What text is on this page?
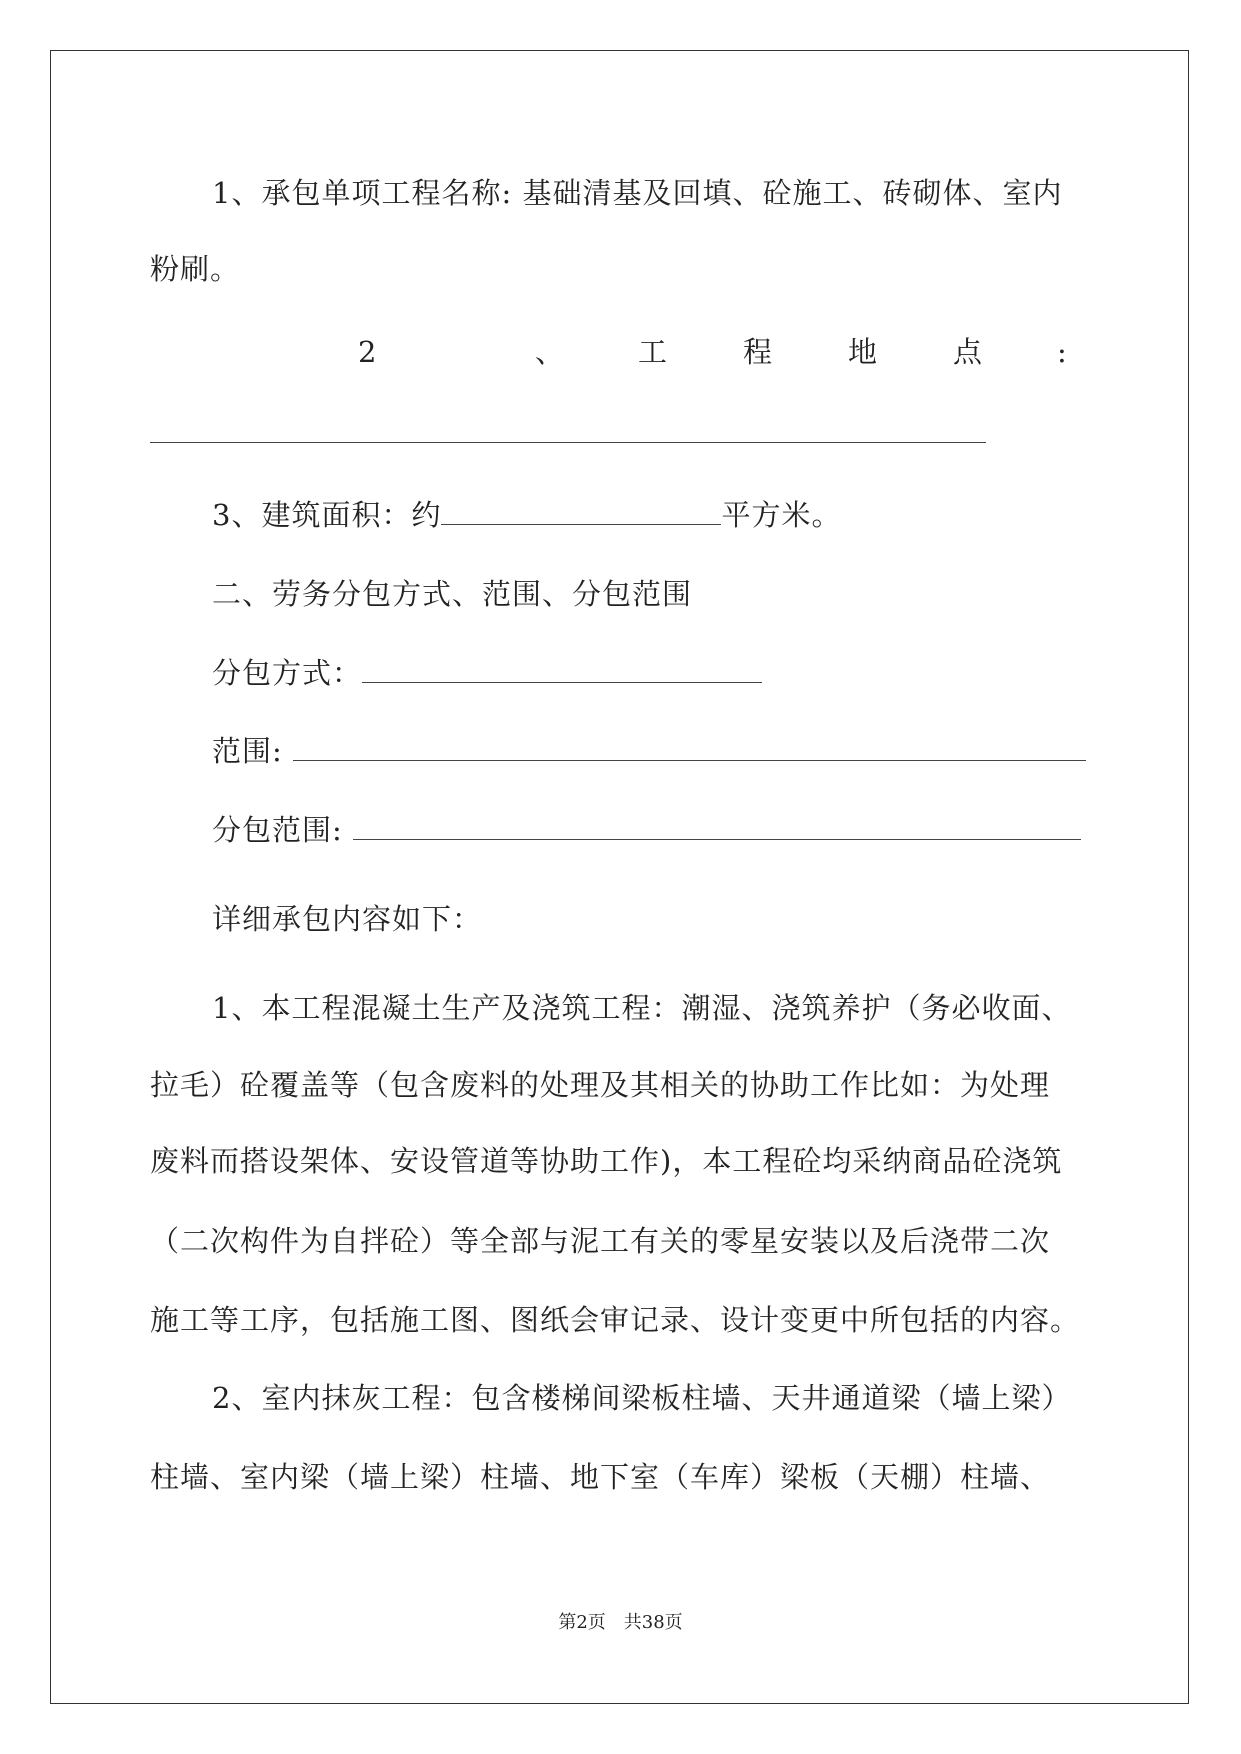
1、承包单项工程名称: 基础清基及回填、砼施工、砖砌体、室内
粉刷。
2	、	工	程	地	点	:
3、建筑面积：约	平方米。
二、劳务分包方式、范围、分包范围
分包方式：
范围:
分包范围:
详细承包内容如下：
1、本工程混凝土生产及浇筑工程：潮湿、浇筑养护（务必收面、
拉毛）砼覆盖等（包含废料的处理及其相关的协助工作比如：为处理
废料而搭设架体、安设管道等协助工作)，本工程砼均采纳商品砼浇筑
（二次构件为自拌砼）等全部与泥工有关的零星安装以及后浇带二次
施工等工序，包括施工图、图纸会审记录、设计变更中所包括的内容。
2、室内抹灰工程：包含楼梯间梁板柱墙、天井通道梁（墙上梁）
柱墙、室内梁（墙上梁）柱墙、地下室（车库）梁板（天棚）柱墙、
第2页　共38页
